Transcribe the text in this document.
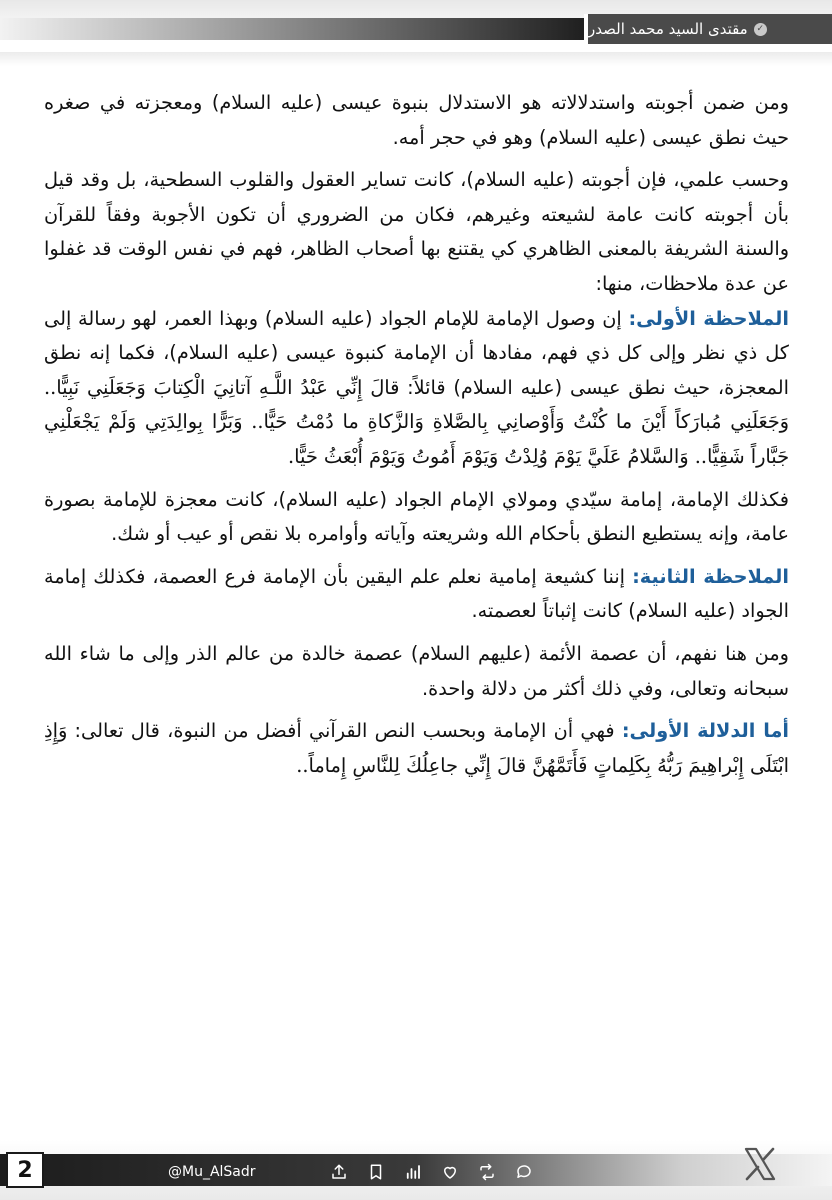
✓
مقتدى السيد محمد الصدر

ومن ضمن أجوبته واستدلالاته هو الاستدلال بنبوة عيسى (عليه السلام) ومعجزته في صغره حيث نطق عيسى (عليه السلام) وهو في حجر أمه.

وحسب علمي، فإن أجوبته (عليه السلام)، كانت تساير العقول والقلوب السطحية، بل وقد قيل بأن أجوبته كانت عامة لشيعته وغيرهم، فكان من الضروري أن تكون الأجوبة وفقاً للقرآن والسنة الشريفة بالمعنى الظاهري كي يقتنع بها أصحاب الظاهر، فهم في نفس الوقت قد غفلوا عن عدة ملاحظات، منها:

الملاحظة الأولى: إن وصول الإمامة للإمام الجواد (عليه السلام) وبهذا العمر، لهو رسالة إلى كل ذي نظر وإلى كل ذي فهم، مفادها أن الإمامة كنبوة عيسى (عليه السلام)، فكما إنه نطق المعجزة، حيث نطق عيسى (عليه السلام) قائلاً: قالَ إِنِّي عَبْدُ اللَّـهِ آتانِيَ الْكِتابَ وَجَعَلَنِي نَبِيًّا.. وَجَعَلَنِي مُبارَكاً أَيْنَ ما كُنْتُ وَأَوْصانِي بِالصَّلاةِ وَالزَّكاةِ ما دُمْتُ حَيًّا.. وَبَرًّا بِوالِدَتِي وَلَمْ يَجْعَلْنِي جَبَّاراً شَقِيًّا.. وَالسَّلامُ عَلَيَّ يَوْمَ وُلِدْتُ وَيَوْمَ أَمُوتُ وَيَوْمَ أُبْعَثُ حَيًّا.

فكذلك الإمامة، إمامة سيّدي ومولاي الإمام الجواد (عليه السلام)، كانت معجزة للإمامة بصورة عامة، وإنه يستطيع النطق بأحكام الله وشريعته وآياته وأوامره بلا نقص أو عيب أو شك.

الملاحظة الثانية: إننا كشيعة إمامية نعلم علم اليقين بأن الإمامة فرع العصمة، فكذلك إمامة الجواد (عليه السلام) كانت إثباتاً لعصمته.

ومن هنا نفهم، أن عصمة الأئمة (عليهم السلام) عصمة خالدة من عالم الذر وإلى ما شاء الله سبحانه وتعالى، وفي ذلك أكثر من دلالة واحدة.

أما الدلالة الأولى: فهي أن الإمامة وبحسب النص القرآني أفضل من النبوة، قال تعالى: وَإِذِ ابْتَلَى إِبْراهِيمَ رَبُّهُ بِكَلِماتٍ فَأَتَمَّهُنَّ قالَ إِنِّي جاعِلُكَ لِلنَّاسِ إِماماً..

2	@Mu_AlSadr
